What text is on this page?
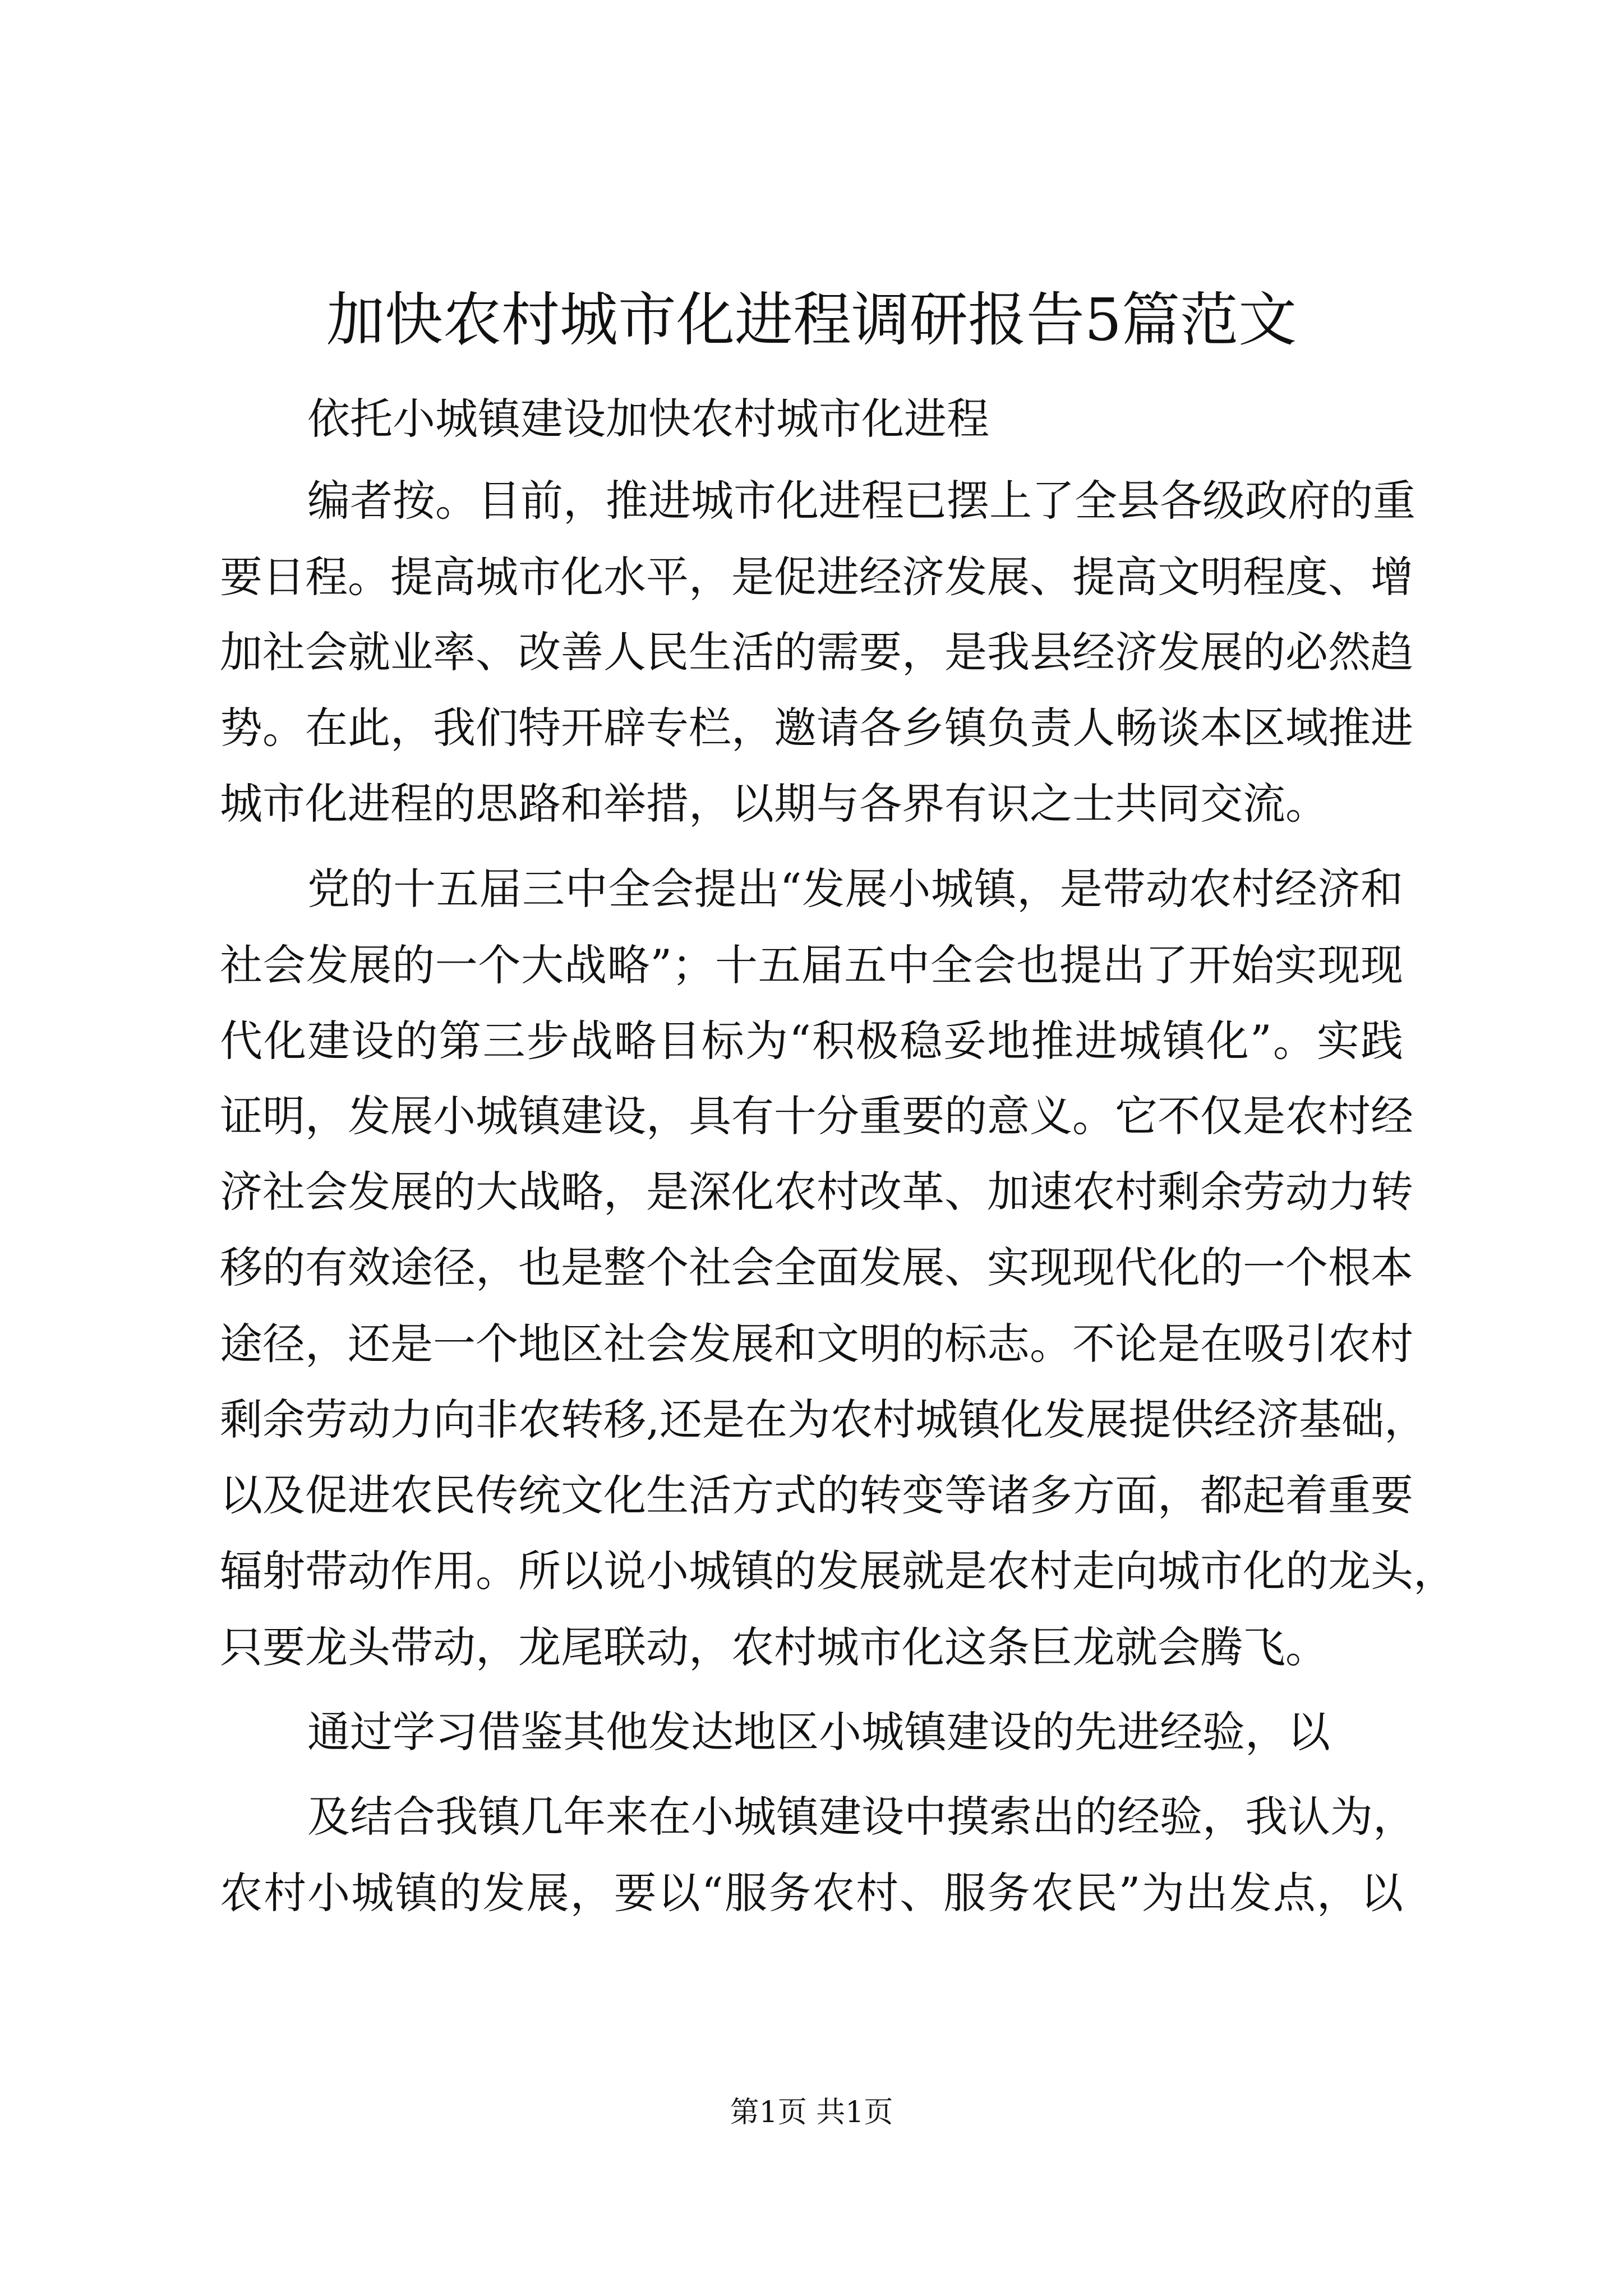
加快农村城市化进程调研报告5篇范文
依托小城镇建设加快农村城市化进程
编者按。目前，推进城市化进程已摆上了全县各级政府的重
要日程。提高城市化水平，是促进经济发展、提高文明程度、增
加社会就业率、改善人民生活的需要，是我县经济发展的必然趋
势。在此，我们特开辟专栏，邀请各乡镇负责人畅谈本区域推进
城市化进程的思路和举措，以期与各界有识之士共同交流。
党的十五届三中全会提出“发展小城镇，是带动农村经济和
社会发展的一个大战略”；十五届五中全会也提出了开始实现现
代化建设的第三步战略目标为“积极稳妥地推进城镇化”。实践
证明，发展小城镇建设，具有十分重要的意义。它不仅是农村经
济社会发展的大战略，是深化农村改革、加速农村剩余劳动力转
移的有效途径，也是整个社会全面发展、实现现代化的一个根本
途径，还是一个地区社会发展和文明的标志。不论是在吸引农村
剩余劳动力向非农转移,还是在为农村城镇化发展提供经济基础，
以及促进农民传统文化生活方式的转变等诸多方面，都起着重要
辐射带动作用。所以说小城镇的发展就是农村走向城市化的龙头，
只要龙头带动，龙尾联动，农村城市化这条巨龙就会腾飞。
通过学习借鉴其他发达地区小城镇建设的先进经验，以
及结合我镇几年来在小城镇建设中摸索出的经验，我认为，
农村小城镇的发展，要以“服务农村、服务农民”为出发点，以
第1页 共1页
